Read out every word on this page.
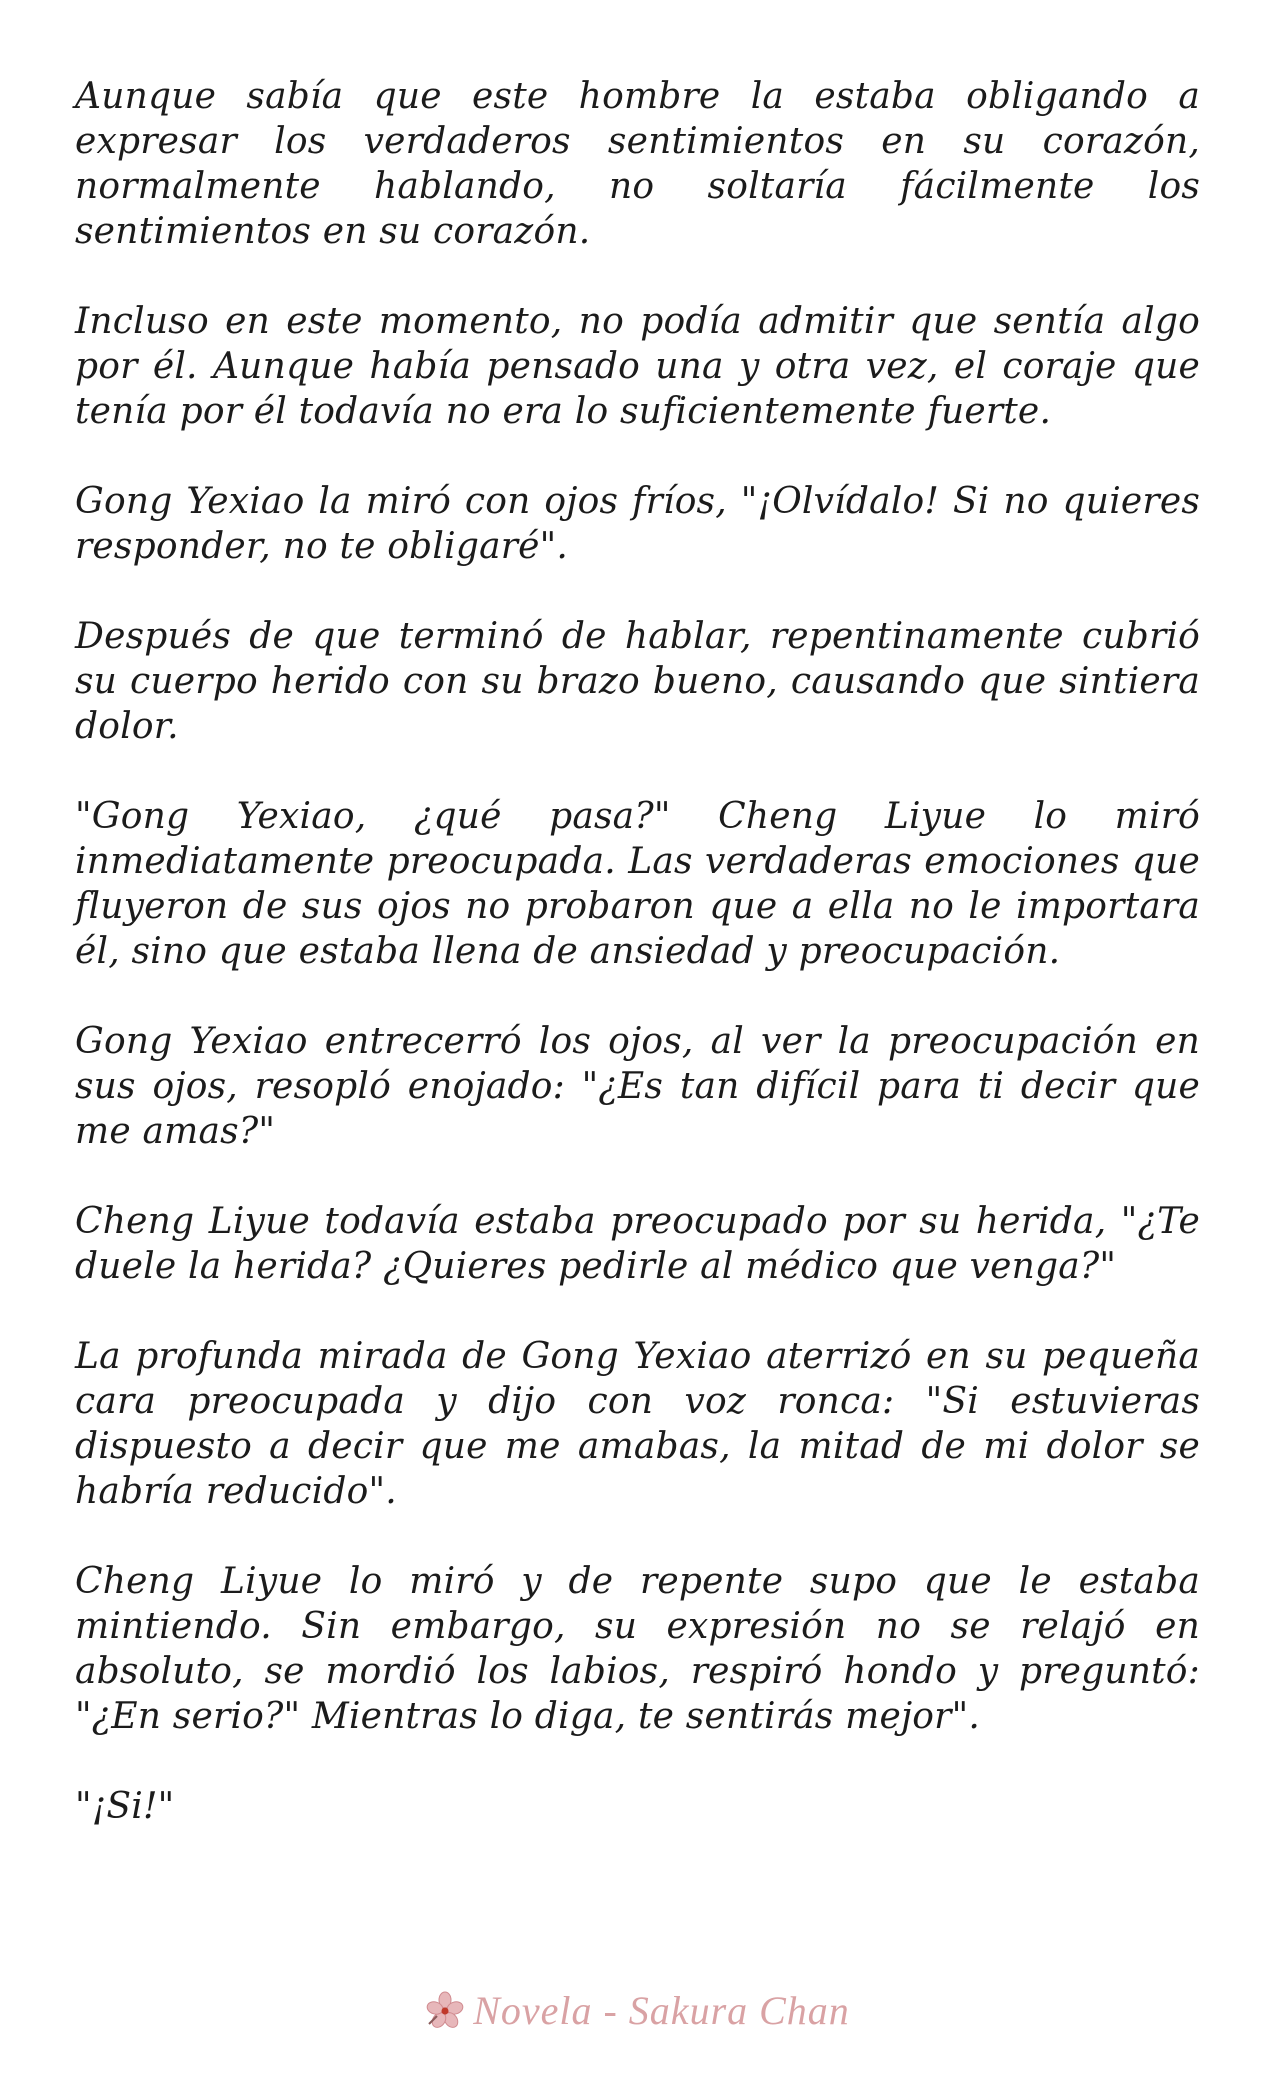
Aunque sabía que este hombre la estaba obligando a expresar los verdaderos sentimientos en su corazón, normalmente hablando, no soltaría fácilmente los sentimientos en su corazón.

Incluso en este momento, no podía admitir que sentía algo por él. Aunque había pensado una y otra vez, el coraje que tenía por él todavía no era lo suficientemente fuerte.

Gong Yexiao la miró con ojos fríos, "¡Olvídalo! Si no quieres responder, no te obligaré".

Después de que terminó de hablar, repentinamente cubrió su cuerpo herido con su brazo bueno, causando que sintiera dolor.

"Gong Yexiao, ¿qué pasa?" Cheng Liyue lo miró inmediatamente preocupada. Las verdaderas emociones que fluyeron de sus ojos no probaron que a ella no le importara él, sino que estaba llena de ansiedad y preocupación.

Gong Yexiao entrecerró los ojos, al ver la preocupación en sus ojos, resopló enojado: "¿Es tan difícil para ti decir que me amas?"

Cheng Liyue todavía estaba preocupado por su herida, "¿Te duele la herida? ¿Quieres pedirle al médico que venga?"

La profunda mirada de Gong Yexiao aterrizó en su pequeña cara preocupada y dijo con voz ronca: "Si estuvieras dispuesto a decir que me amabas, la mitad de mi dolor se habría reducido".

Cheng Liyue lo miró y de repente supo que le estaba mintiendo. Sin embargo, su expresión no se relajó en absoluto, se mordió los labios, respiró hondo y preguntó: "¿En serio?" Mientras lo diga, te sentirás mejor".

"¡Si!"

Novela - Sakura Chan
